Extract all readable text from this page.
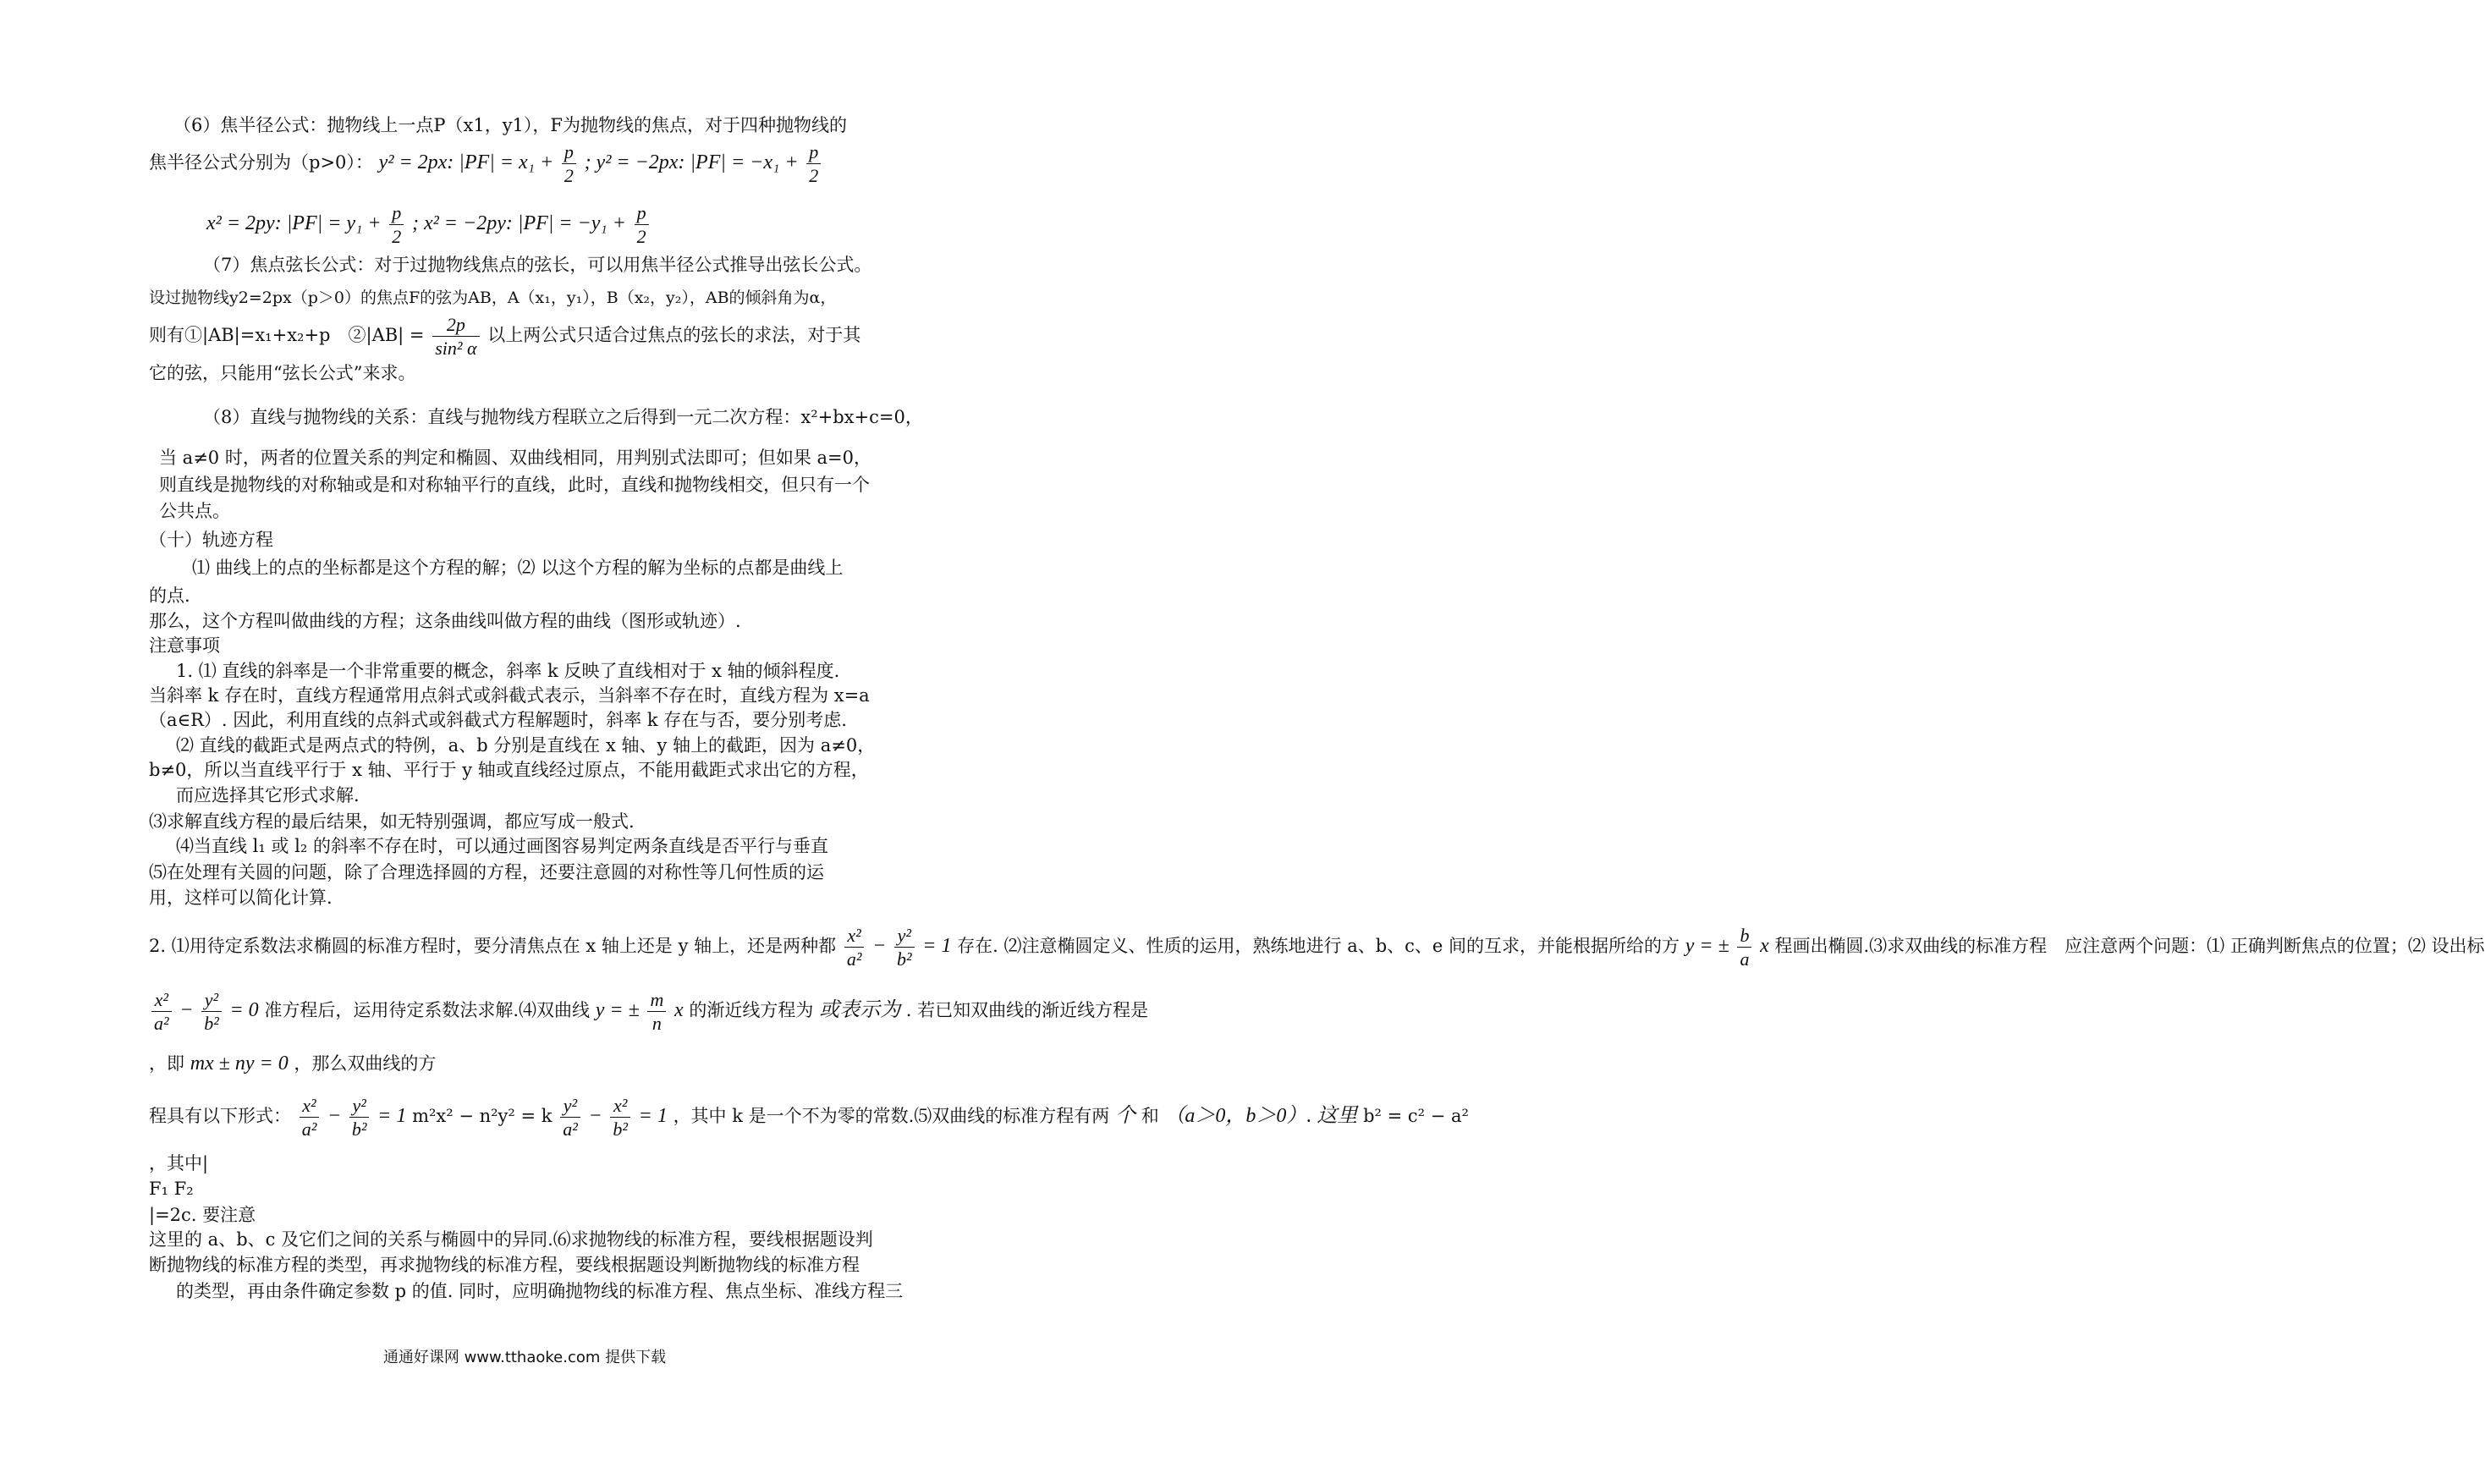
（6）焦半径公式：抛物线上一点P（x1，y1），F为抛物线的焦点，对于四种抛物线的
焦半径公式分别为（p>0）： y² = 2px: $|PF| = x_1 + \frac{p}{2}$ ; y² = −2px: $|PF| = -x_1 + \frac{p}{2}$
x² = 2py: $|PF| = y_1 + \frac{p}{2}$ ; x² = −2py: $|PF| = -y_1 + \frac{p}{2}$
（7）焦点弦长公式：对于过抛物线焦点的弦长，可以用焦半径公式推导出弦长公式。
设过抛物线y2=2px（p＞0）的焦点F的弦为AB，A（x₁，y₁），B（x₂，y₂），AB的倾斜角为α，
则有①|AB|=x₁+x₂+p　②|AB| = $\frac{2p}{\text{sin² α}}$ 以上两公式只适合过焦点的弦长的求法，对于其
它的弦，只能用“弦长公式”来求。
（8）直线与抛物线的关系：直线与抛物线方程联立之后得到一元二次方程：x²+bx+c=0，
当 a≠0 时，两者的位置关系的判定和椭圆、双曲线相同，用判别式法即可；但如果 a=0，
则直线是抛物线的对称轴或是和对称轴平行的直线，此时，直线和抛物线相交，但只有一个
公共点。
（十）轨迹方程
⑴ 曲线上的点的坐标都是这个方程的解；⑵ 以这个方程的解为坐标的点都是曲线上
的点.
那么，这个方程叫做曲线的方程；这条曲线叫做方程的曲线（图形或轨迹）.
注意事项
1. ⑴ 直线的斜率是一个非常重要的概念，斜率 k 反映了直线相对于 x 轴的倾斜程度.
当斜率 k 存在时，直线方程通常用点斜式或斜截式表示，当斜率不存在时，直线方程为 x=a
（a∈R）. 因此，利用直线的点斜式或斜截式方程解题时，斜率 k 存在与否，要分别考虑.
⑵ 直线的截距式是两点式的特例，a、b 分别是直线在 x 轴、y 轴上的截距，因为 a≠0，
b≠0，所以当直线平行于 x 轴、平行于 y 轴或直线经过原点，不能用截距式求出它的方程，
而应选择其它形式求解.
⑶求解直线方程的最后结果，如无特别强调，都应写成一般式.
⑷当直线 l₁ 或 l₂ 的斜率不存在时，可以通过画图容易判定两条直线是否平行与垂直
⑸在处理有关圆的问题，除了合理选择圆的方程，还要注意圆的对称性等几何性质的运
用，这样可以简化计算.
2. ⑴用待定系数法求椭圆的标准方程时，要分清焦点在 x 轴上还是 y 轴上，还是两种都 $\frac{\text{x²}}{\text{a²}} - \frac{\text{y²}}{\text{b²}} = 1$ 存在. ⑵注意椭圆定义、性质的运用，熟练地进行 a、b、c、e 间的互求，并能根据所给的方 y = ± $\frac{b}{a}$ x 程画出椭圆.⑶求双曲线的标准方程　应注意两个问题：⑴ 正确判断焦点的位置；⑵ 设出标
$\frac{\text{x²}}{\text{a²}} - \frac{\text{y²}}{\text{b²}} = 0$ 准方程后，运用待定系数法求解.⑷双曲线 y = ± $\frac{m}{n}$ x 的渐近线方程为 或表示为 . 若已知双曲线的渐近线方程是
，即 mx ± ny = 0 ，那么双曲线的方
程具有以下形式： $\frac{\text{x²}}{\text{a²}} - \frac{\text{y²}}{\text{b²}} = 1$ m²x² − n²y² = k $\frac{\text{y²}}{\text{a²}} - \frac{\text{x²}}{\text{b²}} = 1$ ，其中 k 是一个不为零的常数.⑸双曲线的标准方程有两 个 和 （a＞0，b＞0）. 这里 b² = c² − a²
，其中|
F₁ F₂
|=2c. 要注意
这里的 a、b、c 及它们之间的关系与椭圆中的异同.⑹求抛物线的标准方程，要线根据题设判
断抛物线的标准方程的类型，再求抛物线的标准方程，要线根据题设判断抛物线的标准方程
的类型，再由条件确定参数 p 的值. 同时，应明确抛物线的标准方程、焦点坐标、准线方程三
通通好课网 www.tthaoke.com 提供下载
